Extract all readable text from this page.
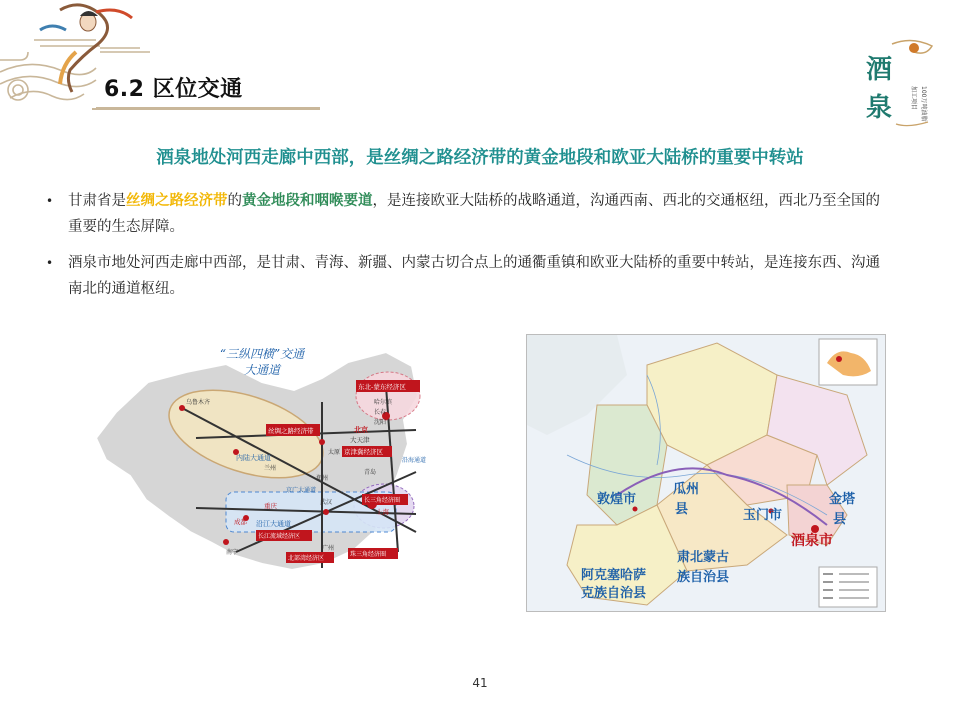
6.2 区位交通
酒
泉	加工项目 100万吨油脂
酒泉地处河西走廊中西部，是丝绸之路经济带的黄金地段和欧亚大陆桥的重要中转站
• 甘肃省是丝绸之路经济带的黄金地段和咽喉要道，是连接欧亚大陆桥的战略通道，沟通西南、西北的交通枢纽，西北乃至全国的重要的生态屏障。
• 酒泉市地处河西走廊中西部，是甘肃、青海、新疆、内蒙古切合点上的通衢重镇和欧亚大陆桥的重要中转站，是连接东西、沟通南北的通道枢纽。
“三纵四横”交通
大通道
乌鲁木齐
丝绸之路经济带
内陆大通道
东北-蒙东经济区
哈尔滨
长春
沈阳
北京
大天津
京津冀经济区
太原
郑州
青岛
长三角经济圈
上海
武汉
成都
重庆
沿江大通道
长江流域经济区
广州
北部湾经济区
珠三角经济圈
南宁
沿海通道
京广大通道
兰州
敦煌市
瓜州
县	玉门市
金塔
县
肃北蒙古
族自治县
阿克塞哈萨
克族自治县
酒泉市
41
